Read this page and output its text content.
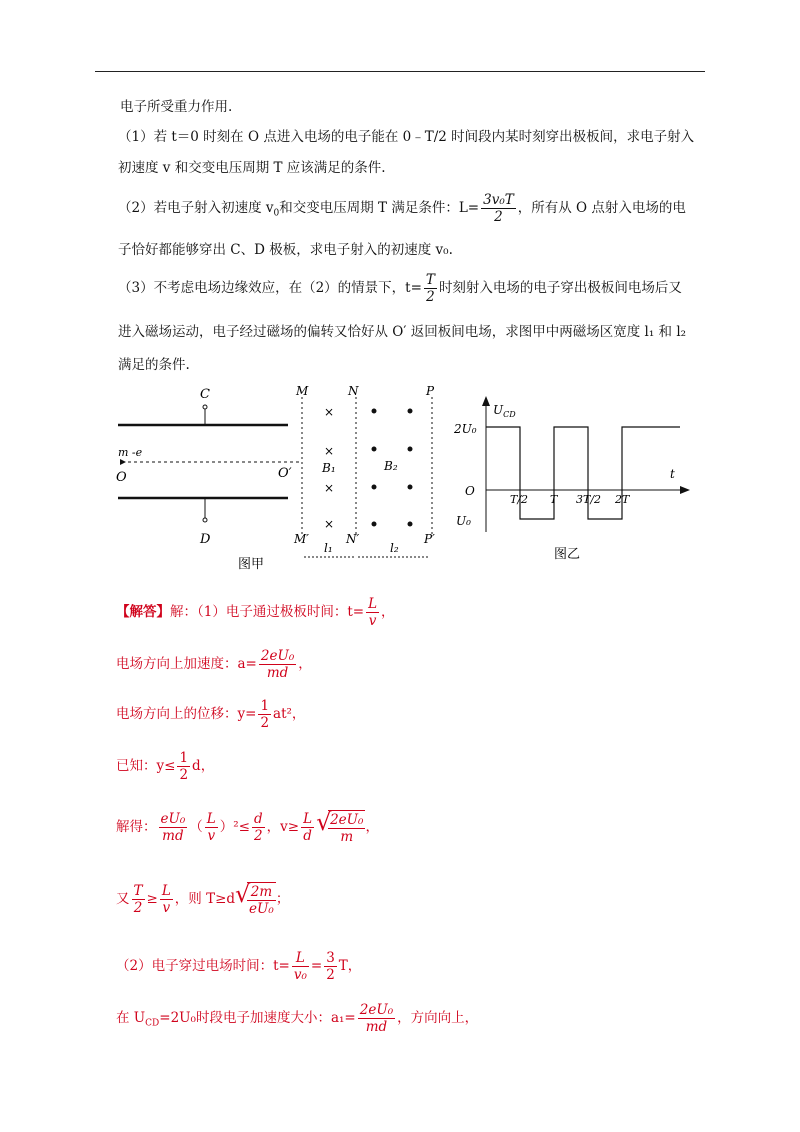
电子所受重力作用.
（1）若 t＝0 时刻在 O 点进入电场的电子能在 0﹣T/2 时间段内某时刻穿出极板间，求电子射入
初速度 v 和交变电压周期 T 应该满足的条件.
（2）若电子射入初速度 $v_0$和交变电压周期 T 满足条件：$L= \frac{\text{3v₀T}}{2}$ ，所有从 O 点射入电场的电
子恰好都能够穿出 C、D 极板，求电子射入的初速度 v₀.
（3）不考虑电场边缘效应，在（2）的情景下，$t= \frac{T}{2}$ 时刻射入电场的电子穿出极板间电场后又
进入磁场运动，电子经过磁场的偏转又恰好从 O′ 返回板间电场，求图甲中两磁场区宽度 l₁ 和 l₂
满足的条件.
C
D
m -e
O	O′
M	N	P
M′	N′	P′
×
×
×
×
B₁	B₂
l₁	l₂
图甲
$U_{CD}$
t
O
2U₀
U₀
T/2 T 3T/2 2T
图乙
【解答】解：（1）电子通过极板时间：$t= \frac{L}{v}$ ，
电场方向上加速度：$a= \frac{\text{2eU₀}}{md}$ ，
电场方向上的位移：$y= \frac{1}{2} at^2$，
已知：$y\le \frac{1}{2}$ d，
解得： $\frac{\text{eU₀}}{md}$ （ $\frac{L}{v} )^2\le \frac{d}{2}$ ，$v\ge \frac{L}{d}$ √ $\frac{\text{2eU₀}}{m}$ ，
又 $\frac{T}{2} \ge \frac{L}{v}$ ，则 T≥d √ $\frac{2m}{\text{eU₀}}$ ；
（2）电子穿过电场时间：$t= \frac{L}{\text{v₀}} = \frac{3}{2}$ T，
在 $U_{CD}=2U_0$时段电子加速度大小：$a_1= \frac{\text{2eU₀}}{md}$ ，方向向上，
